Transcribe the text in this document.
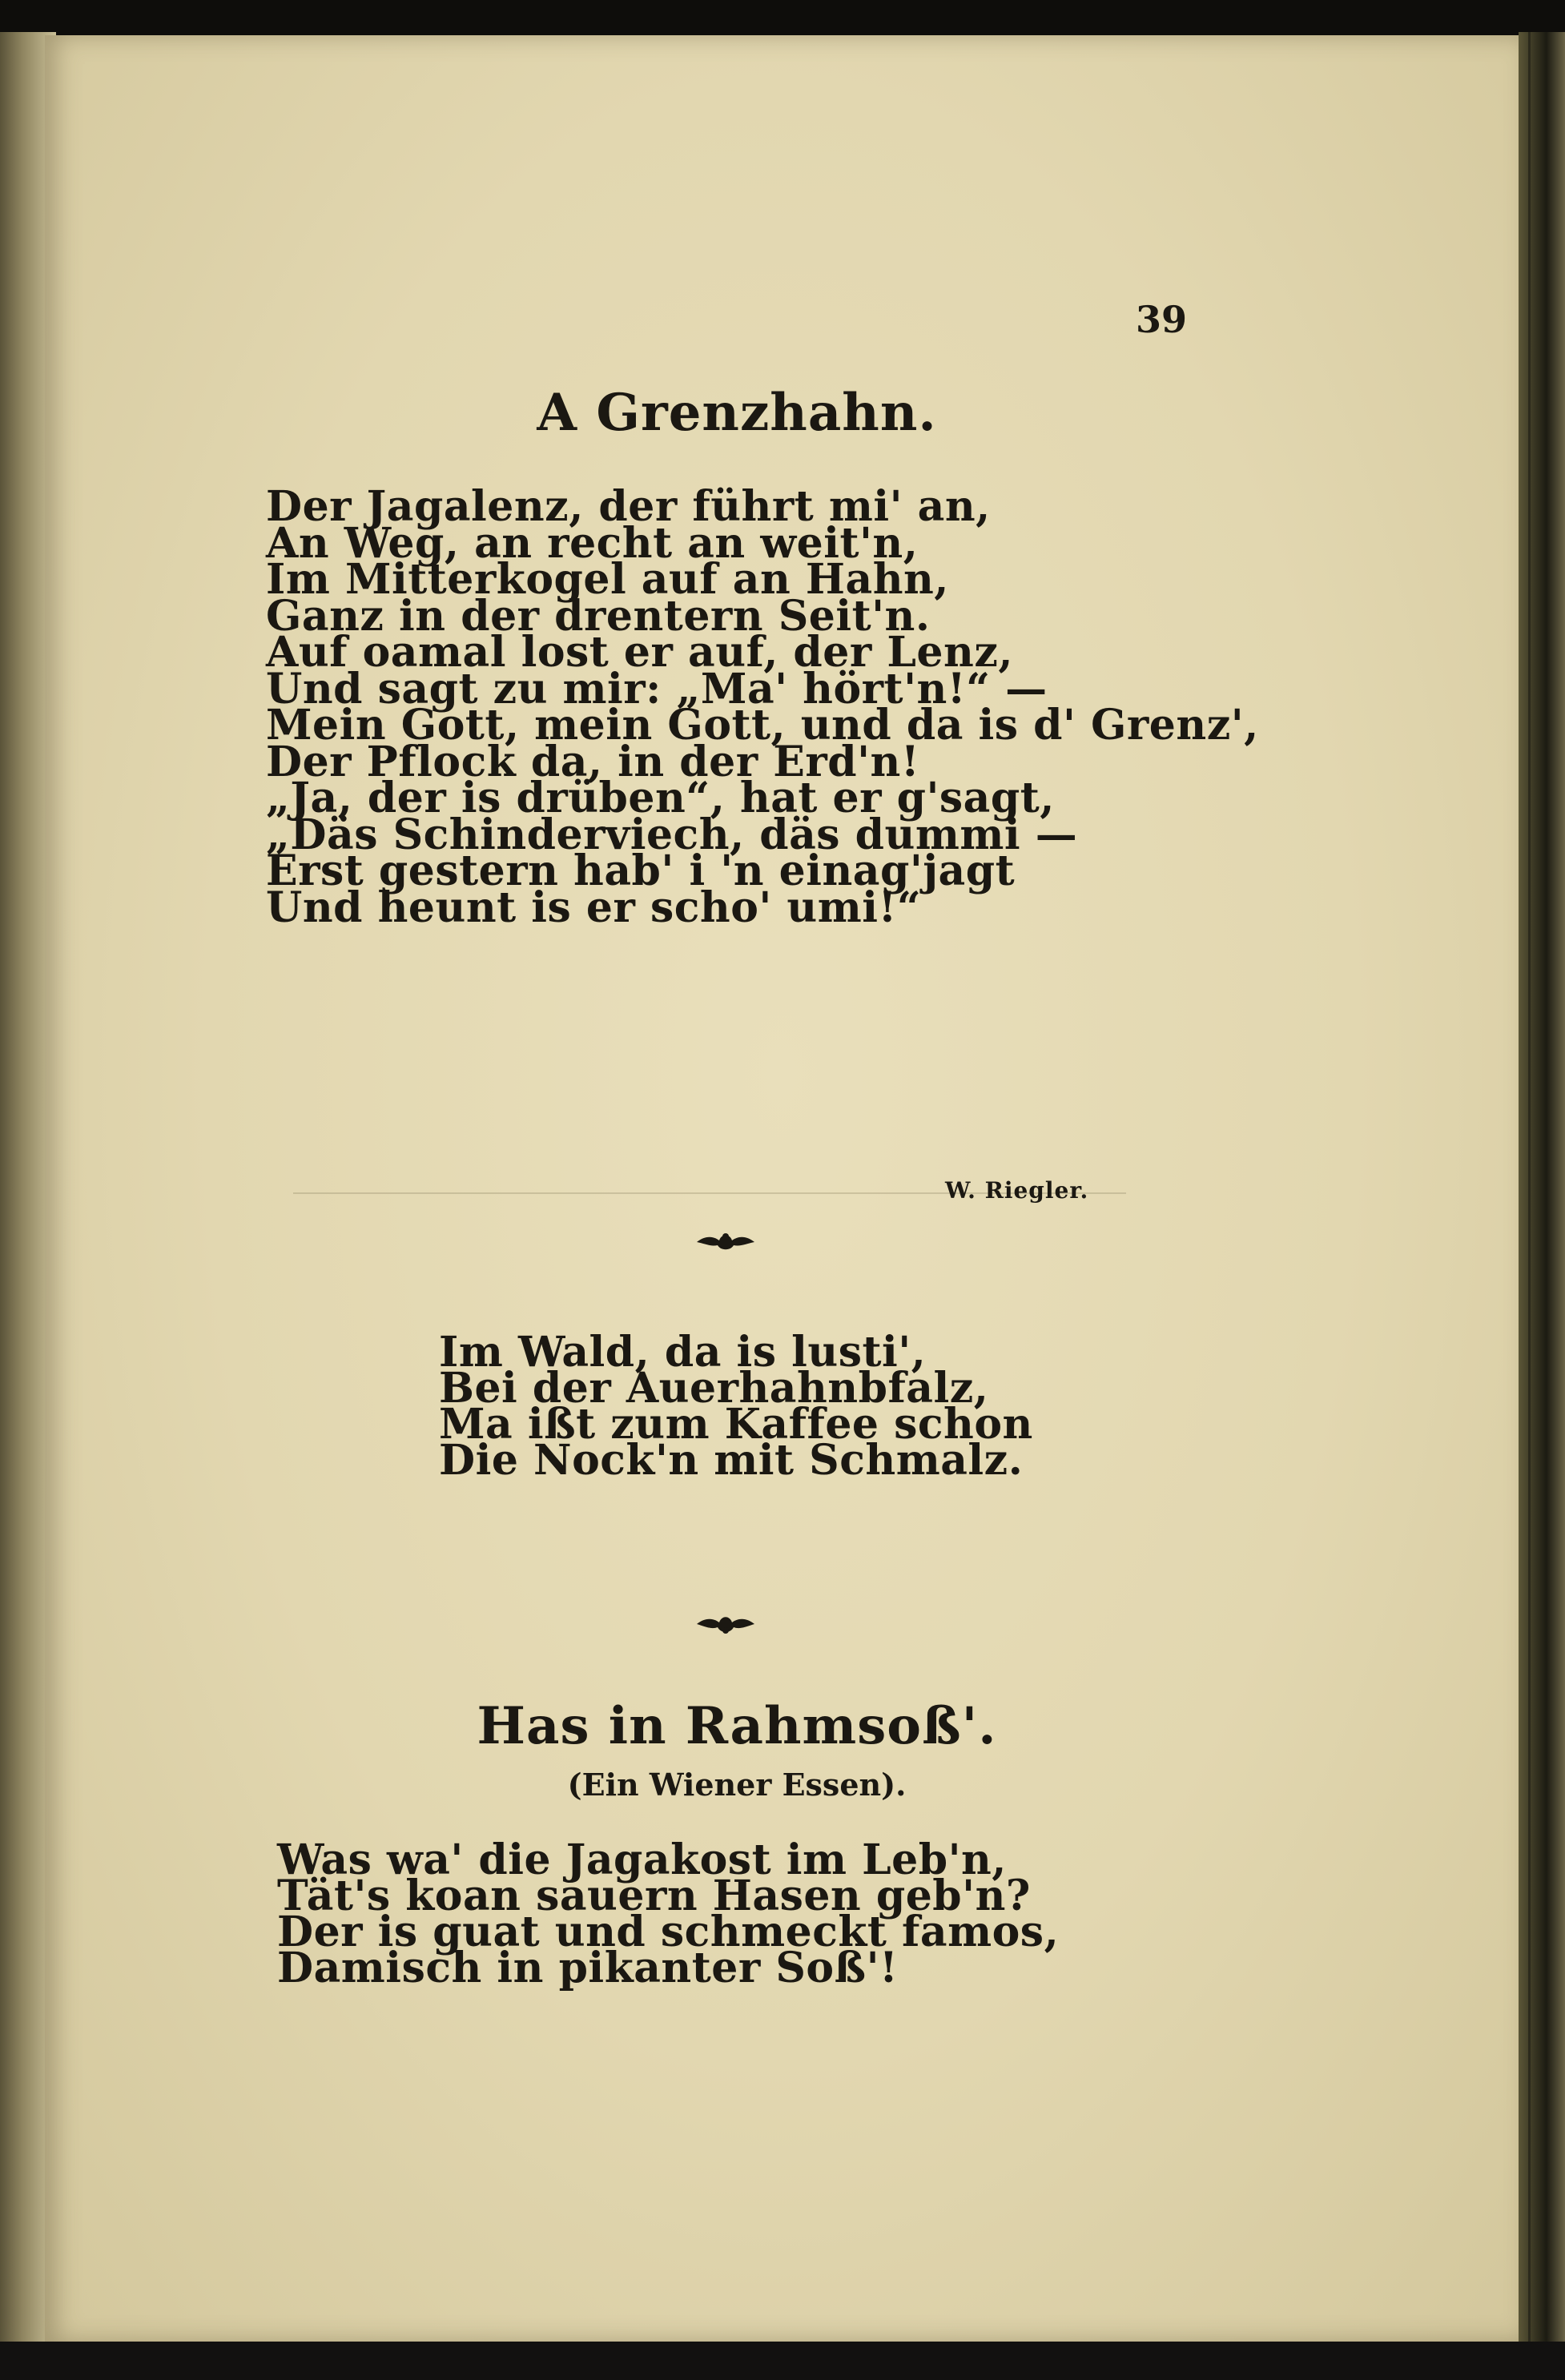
39
A Grenzhahn.
Der Jagalenz, der führt mi' an,
An Weg, an recht an weit'n,
Im Mitterkogel auf an Hahn,
Ganz in der drentern Seit'n.
Auf oamal lost er auf, der Lenz,
Und sagt zu mir: „Ma' hört'n!“ —
Mein Gott, mein Gott, und da is d' Grenz',
Der Pflock da, in der Erd'n!
„Ja, der is drüben“, hat er g'sagt,
„Däs Schinderviech, däs dummi —
Erst gestern hab' i 'n einag'jagt
Und heunt is er scho' umi!“
W. Riegler.
Im Wald, da is lusti',
Bei der Auerhahnbfalz,
Ma ißt zum Kaffee schon
Die Nock'n mit Schmalz.
Has in Rahmsoß'.
(Ein Wiener Essen).
Was wa' die Jagakost im Leb'n,
Tät's koan sauern Hasen geb'n?
Der is guat und schmeckt famos,
Damisch in pikanter Soß'!
